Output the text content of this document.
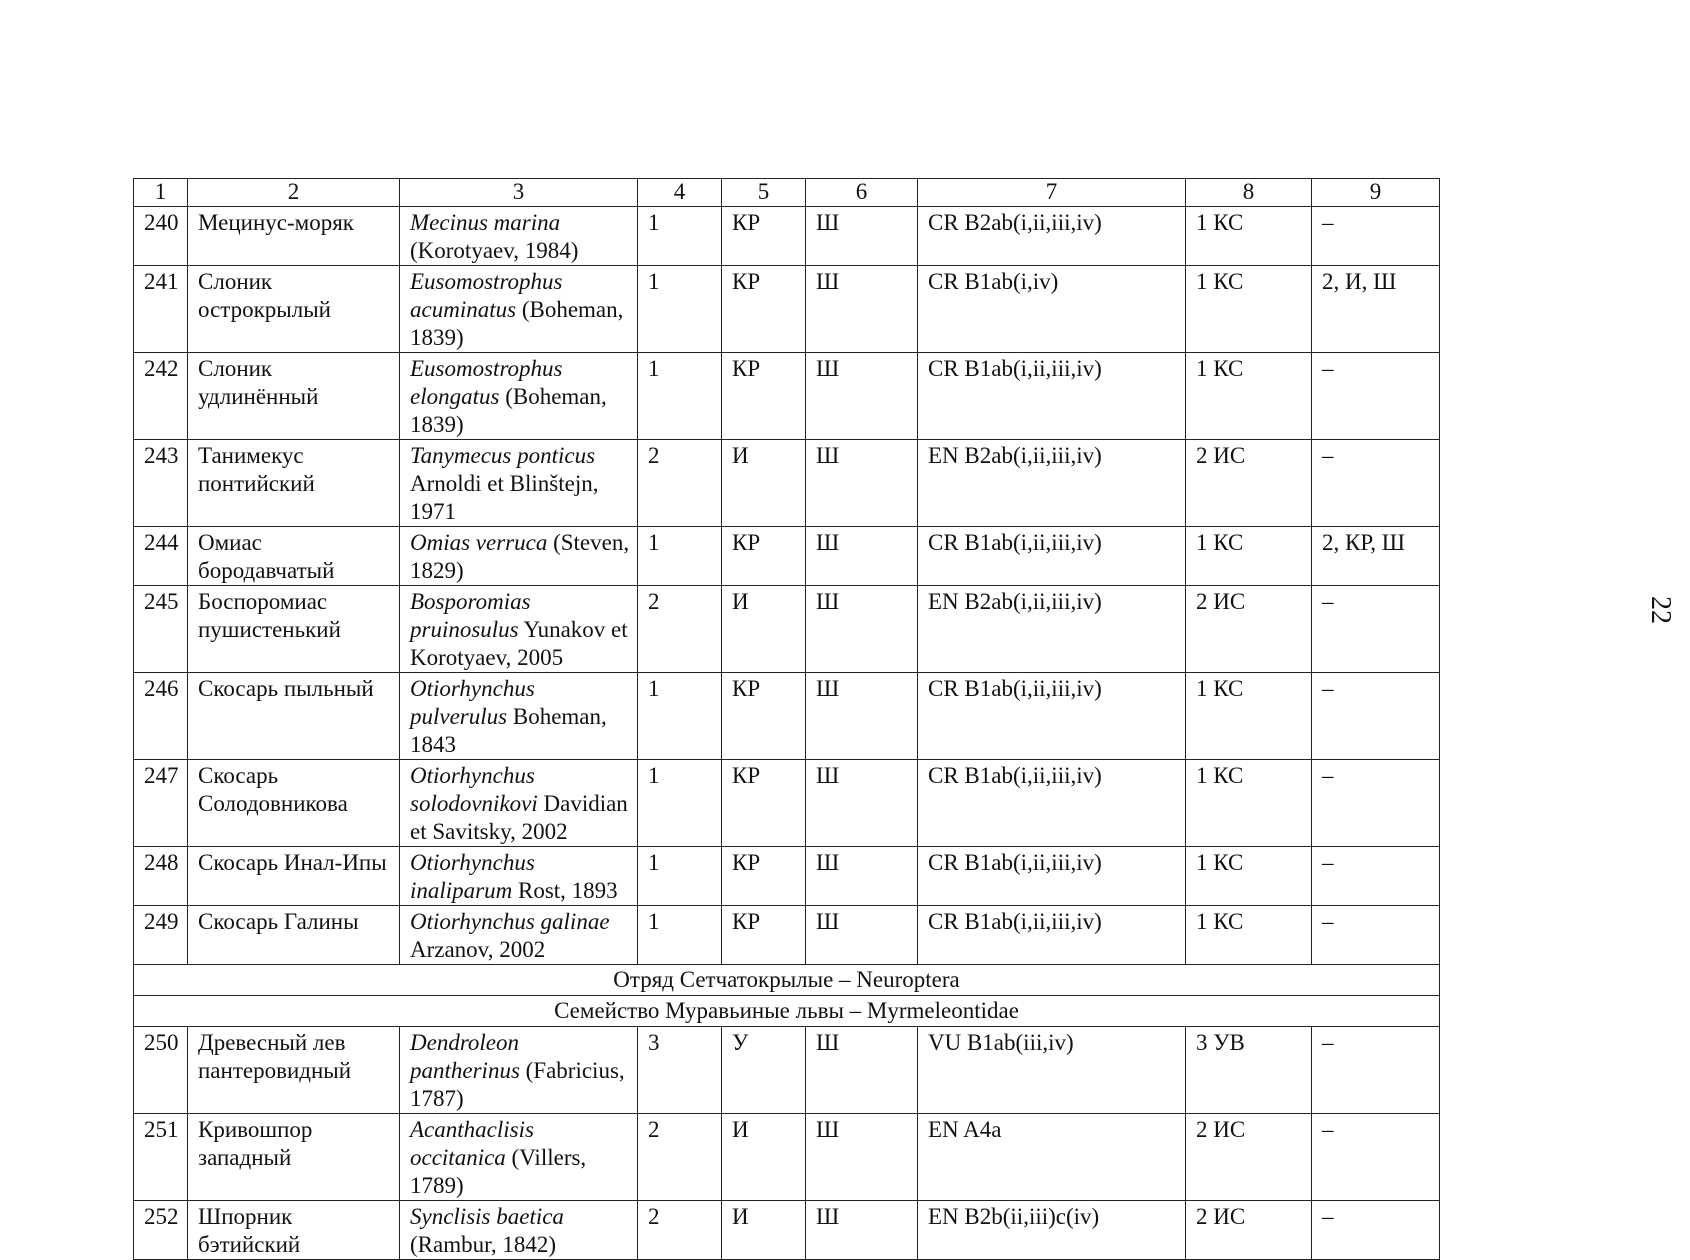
1	2	3	4	5	6	7	8	9
240	Мецинус-моряк	Mecinus marina (Korotyaev, 1984)	1	КР	Ш	CR B2ab(i,ii,iii,iv)	1 КС	–
241	Слоник острокрылый	Eusomostrophus acuminatus (Boheman, 1839)	1	КР	Ш	CR B1ab(i,iv)	1 КС	2, И, Ш
242	Слоник удлинённый	Eusomostrophus elongatus (Boheman, 1839)	1	КР	Ш	CR B1ab(i,ii,iii,iv)	1 КС	–
243	Танимекус понтийский	Tanymecus ponticus Arnoldi et Blinštejn, 1971	2	И	Ш	EN B2ab(i,ii,iii,iv)	2 ИС	–
244	Омиас бородавчатый	Omias verruca (Steven, 1829)	1	КР	Ш	CR B1ab(i,ii,iii,iv)	1 КС	2, КР, Ш
245	Боспоромиас пушистенький	Bosporomias pruinosulus Yunakov et Korotyaev, 2005	2	И	Ш	EN B2ab(i,ii,iii,iv)	2 ИС	–
246	Скосарь пыльный	Otiorhynchus pulverulus Boheman, 1843	1	КР	Ш	CR B1ab(i,ii,iii,iv)	1 КС	–
247	Скосарь Солодовникова	Otiorhynchus solodovnikovi Davidian et Savitsky, 2002	1	КР	Ш	CR B1ab(i,ii,iii,iv)	1 КС	–
248	Скосарь Инал-Ипы	Otiorhynchus inaliparum Rost, 1893	1	КР	Ш	CR B1ab(i,ii,iii,iv)	1 КС	–
249	Скосарь Галины	Otiorhynchus galinae Arzanov, 2002	1	КР	Ш	CR B1ab(i,ii,iii,iv)	1 КС	–
Отряд Сетчатокрылые – Neuroptera								
Семейство Муравьиные львы – Myrmeleontidae								
250	Древесный лев пантеровидный	Dendroleon pantherinus (Fabricius, 1787)	3	У	Ш	VU B1ab(iii,iv)	3 УВ	–
251	Кривошпор западный	Acanthaclisis occitanica (Villers, 1789)	2	И	Ш	EN A4a	2 ИС	–
252	Шпорник бэтийский	Synclisis baetica (Rambur, 1842)	2	И	Ш	EN B2b(ii,iii)c(iv)	2 ИС	–
22
